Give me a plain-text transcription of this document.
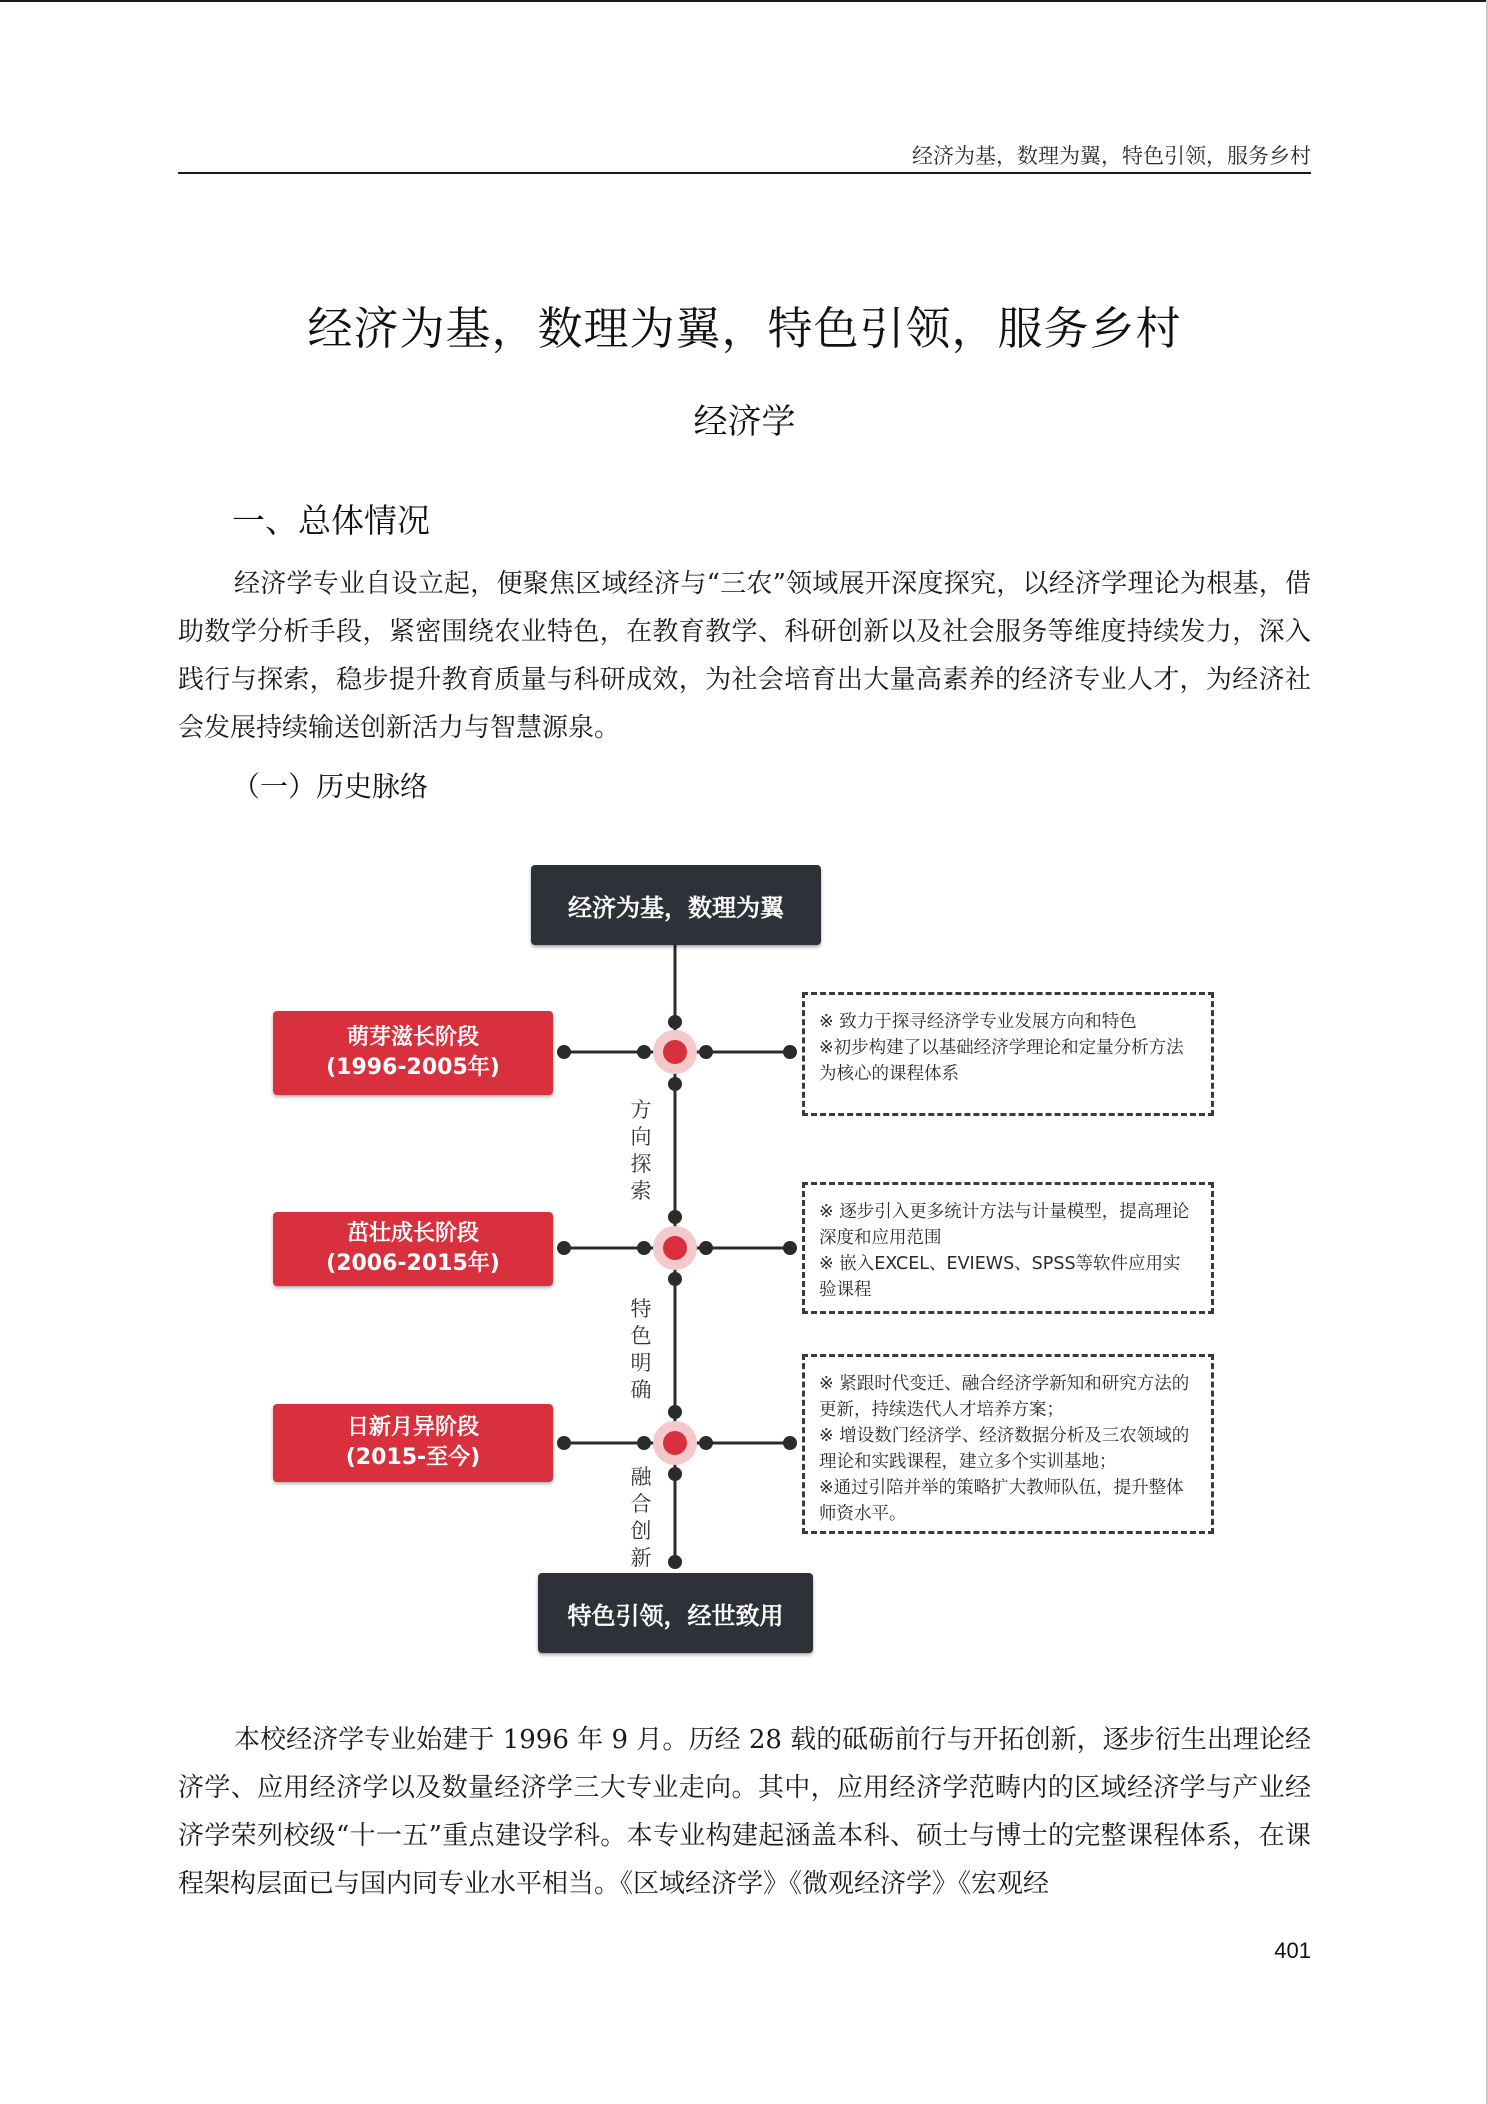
经济为基，数理为翼，特色引领，服务乡村
经济为基，数理为翼，特色引领，服务乡村
经济学
一、总体情况

经济学专业自设立起，便聚焦区域经济与“三农”领域展开深度探究，以经济学理论为根基，借助数学分析手段，紧密围绕农业特色，在教育教学、科研创新以及社会服务等维度持续发力，深入践行与探索，稳步提升教育质量与科研成效，为社会培育出大量高素养的经济专业人才，为经济社会发展持续输送创新活力与智慧源泉。

（一）历史脉络
经济为基，数理为翼
特色引领，经世致用
萌芽滋长阶段
(1996-2005年)
茁壮成长阶段
(2006-2015年)
日新月异阶段
(2015-至今)
※ 致力于探寻经济学专业发展方向和特色
※初步构建了以基础经济学理论和定量分析方法为核心的课程体系
※ 逐步引入更多统计方法与计量模型，提高理论深度和应用范围
※ 嵌入EXCEL、EVIEWS、SPSS等软件应用实验课程
※ 紧跟时代变迁、融合经济学新知和研究方法的更新，持续迭代人才培养方案；
※ 增设数门经济学、经济数据分析及三农领域的理论和实践课程，建立多个实训基地；
※通过引陪并举的策略扩大教师队伍，提升整体师资水平。
方
向
探
索
特
色
明
确
融
合
创
新

本校经济学专业始建于 1996 年 9 月。历经 28 载的砥砺前行与开拓创新，逐步衍生出理论经济学、应用经济学以及数量经济学三大专业走向。其中，应用经济学范畴内的区域经济学与产业经济学荣列校级“十一五”重点建设学科。本专业构建起涵盖本科、硕士与博士的完整课程体系，在课程架构层面已与国内同专业水平相当。《区域经济学》《微观经济学》《宏观经

401
